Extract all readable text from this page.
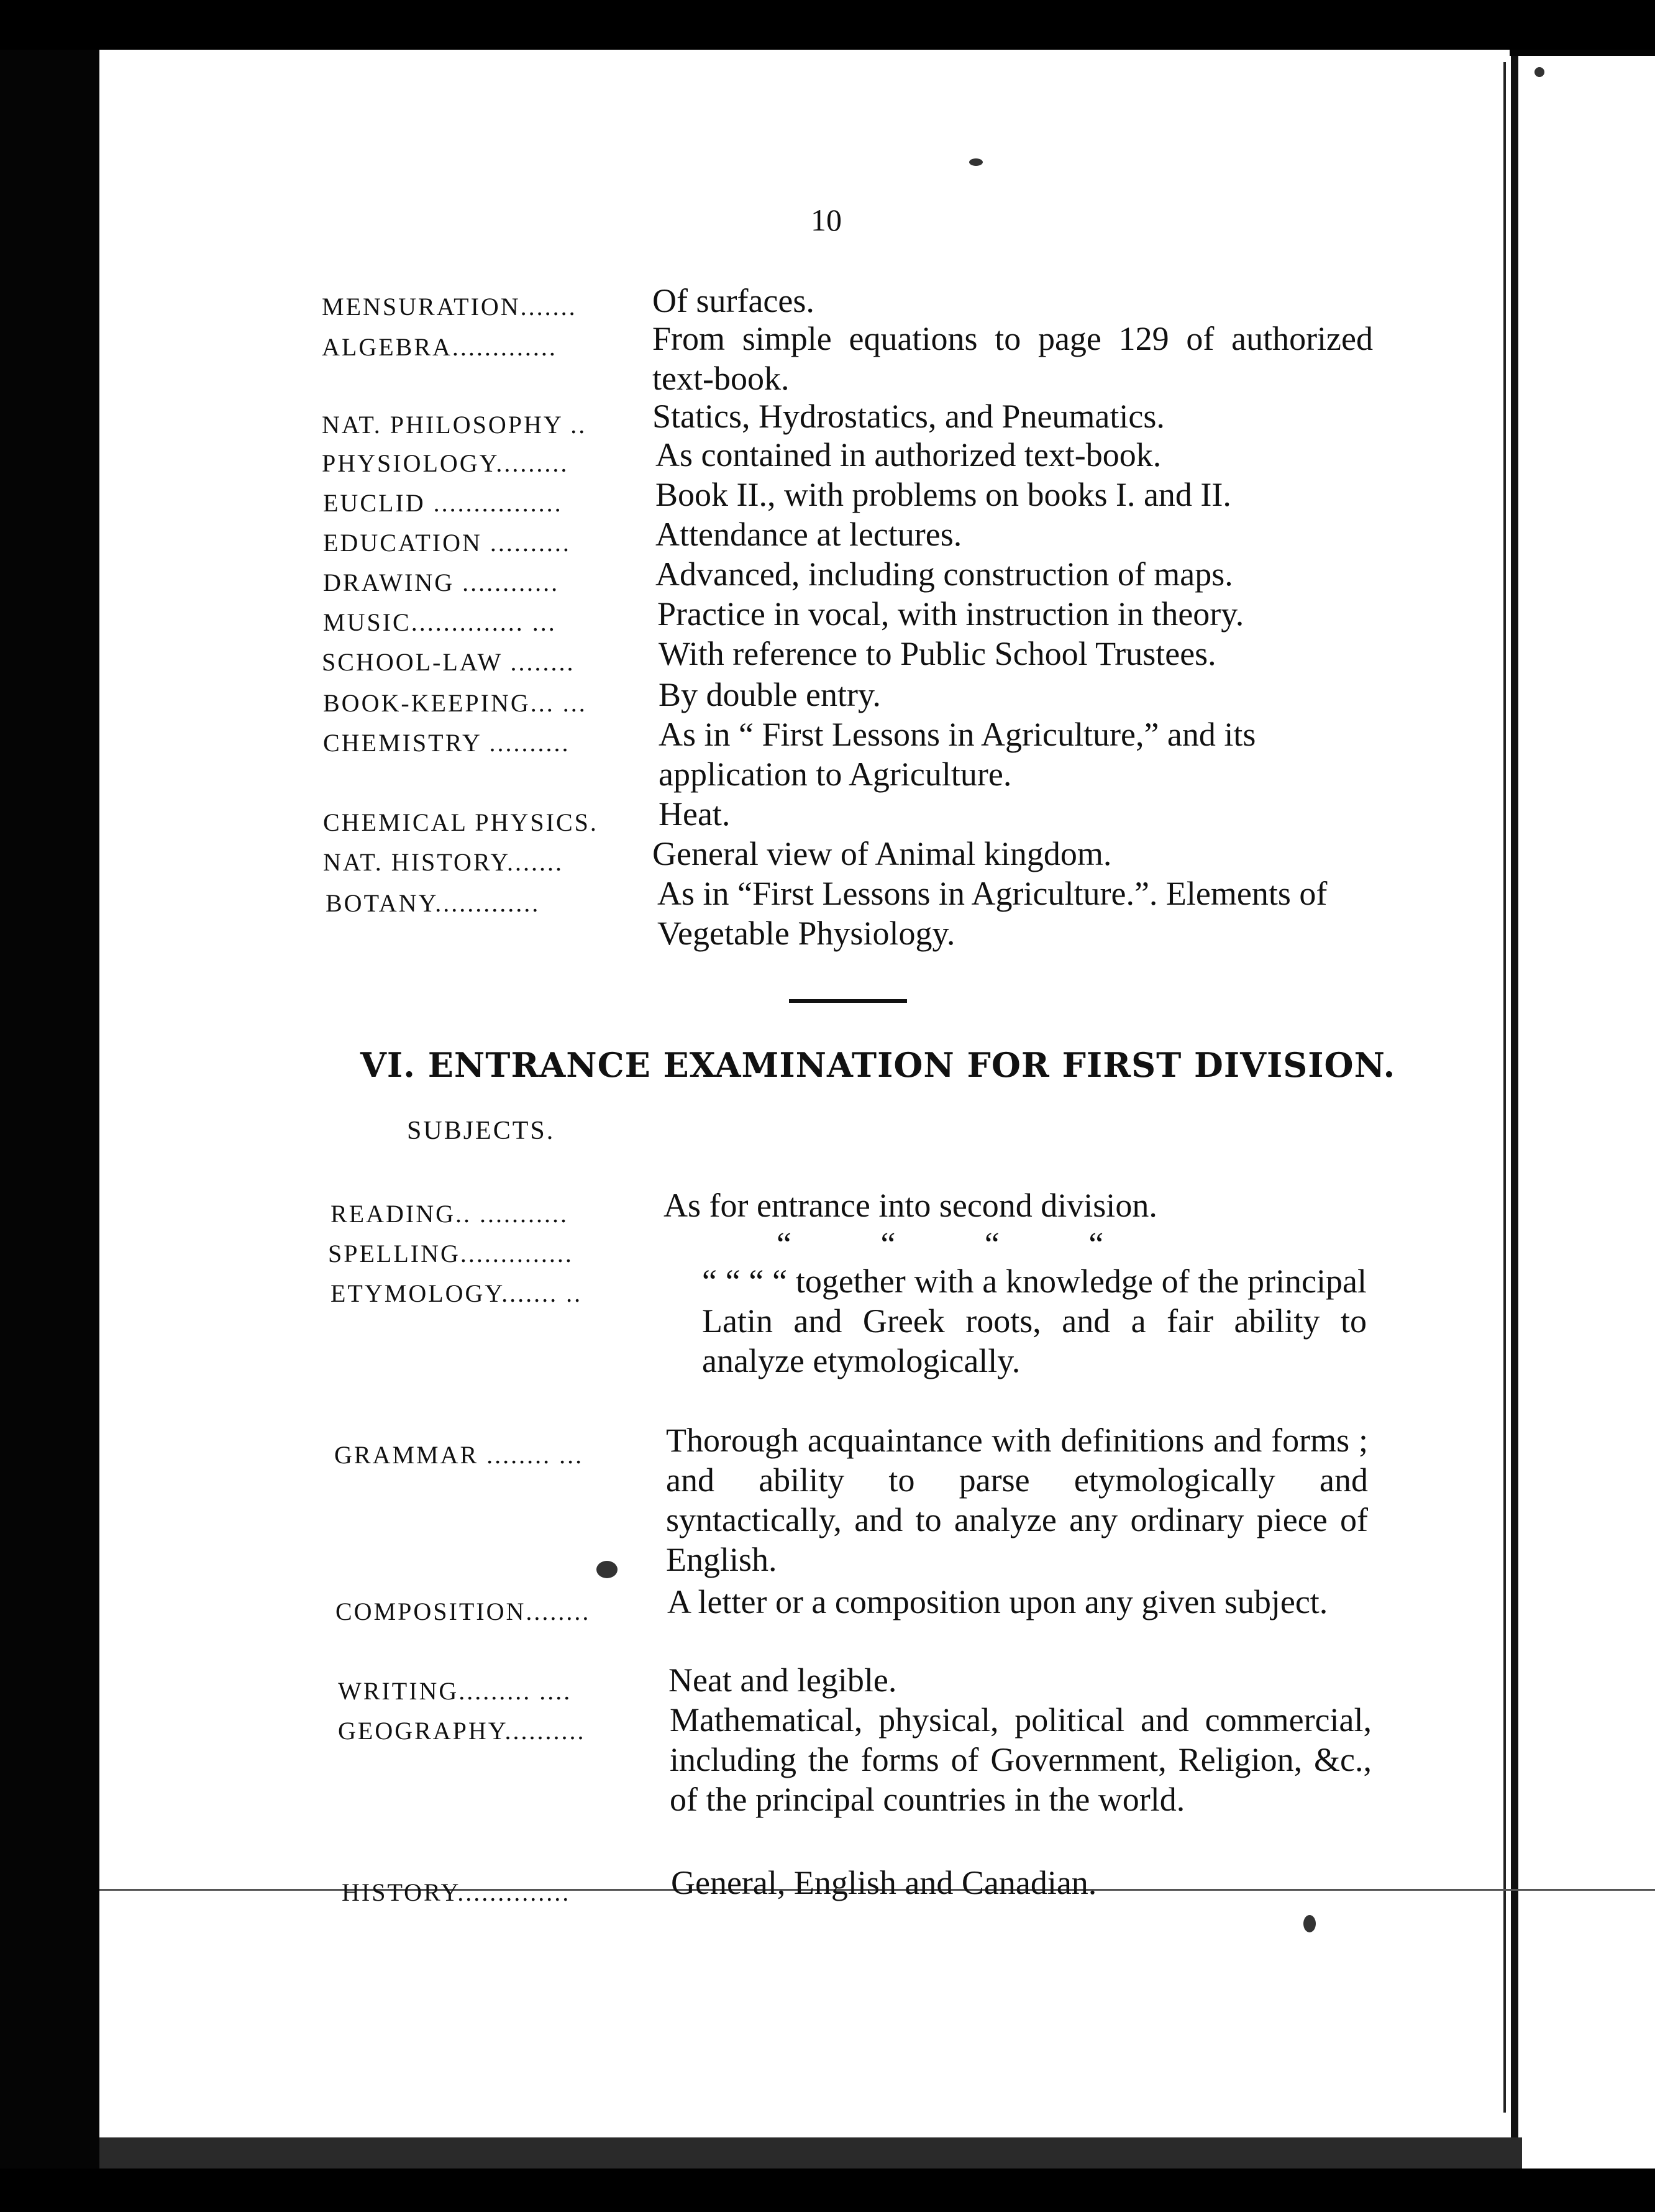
10
MENSURATION....... Of surfaces.
ALGEBRA.............	From simple equations to page 129 of authorized text-book.
NAT. PHILOSOPHY .. Statics, Hydrostatics, and Pneumatics.
PHYSIOLOGY.........	As contained in authorized text-book.
EUCLID ................	Book II., with problems on books I. and II.
EDUCATION ..........	Attendance at lectures.
DRAWING ............	Advanced, including construction of maps.
MUSIC.............. ...	Practice in vocal, with instruction in theory.
SCHOOL-LAW ........ With reference to Public School Trustees.
BOOK-KEEPING... ... By double entry.
CHEMISTRY ..........	As in “ First Lessons in Agriculture,” and its application to Agriculture.
CHEMICAL PHYSICS. Heat.
NAT. HISTORY.......	General view of Animal kingdom.
BOTANY.............	As in “First Lessons in Agriculture.”. Elements of Vegetable Physiology.
VI. ENTRANCE EXAMINATION FOR FIRST DIVISION.
SUBJECTS.
READING.. ...........	As for entrance into second division.
SPELLING..............	“ “ “ “
ETYMOLOGY....... ..	“ “ “ “ together with a knowledge of the principal Latin and Greek roots, and a fair ability to analyze etymologically.
GRAMMAR ........ ... Thorough acquaintance with definitions and forms ; and ability to parse etymologically and syntactically, and to analyze any ordinary piece of English.
COMPOSITION........ A letter or a composition upon any given subject.
WRITING......... ....	Neat and legible.
GEOGRAPHY..........	Mathematical, physical, political and commercial, including the forms of Government, Religion, &c., of the principal countries in the world.
HISTORY..............	General, English and Canadian.
